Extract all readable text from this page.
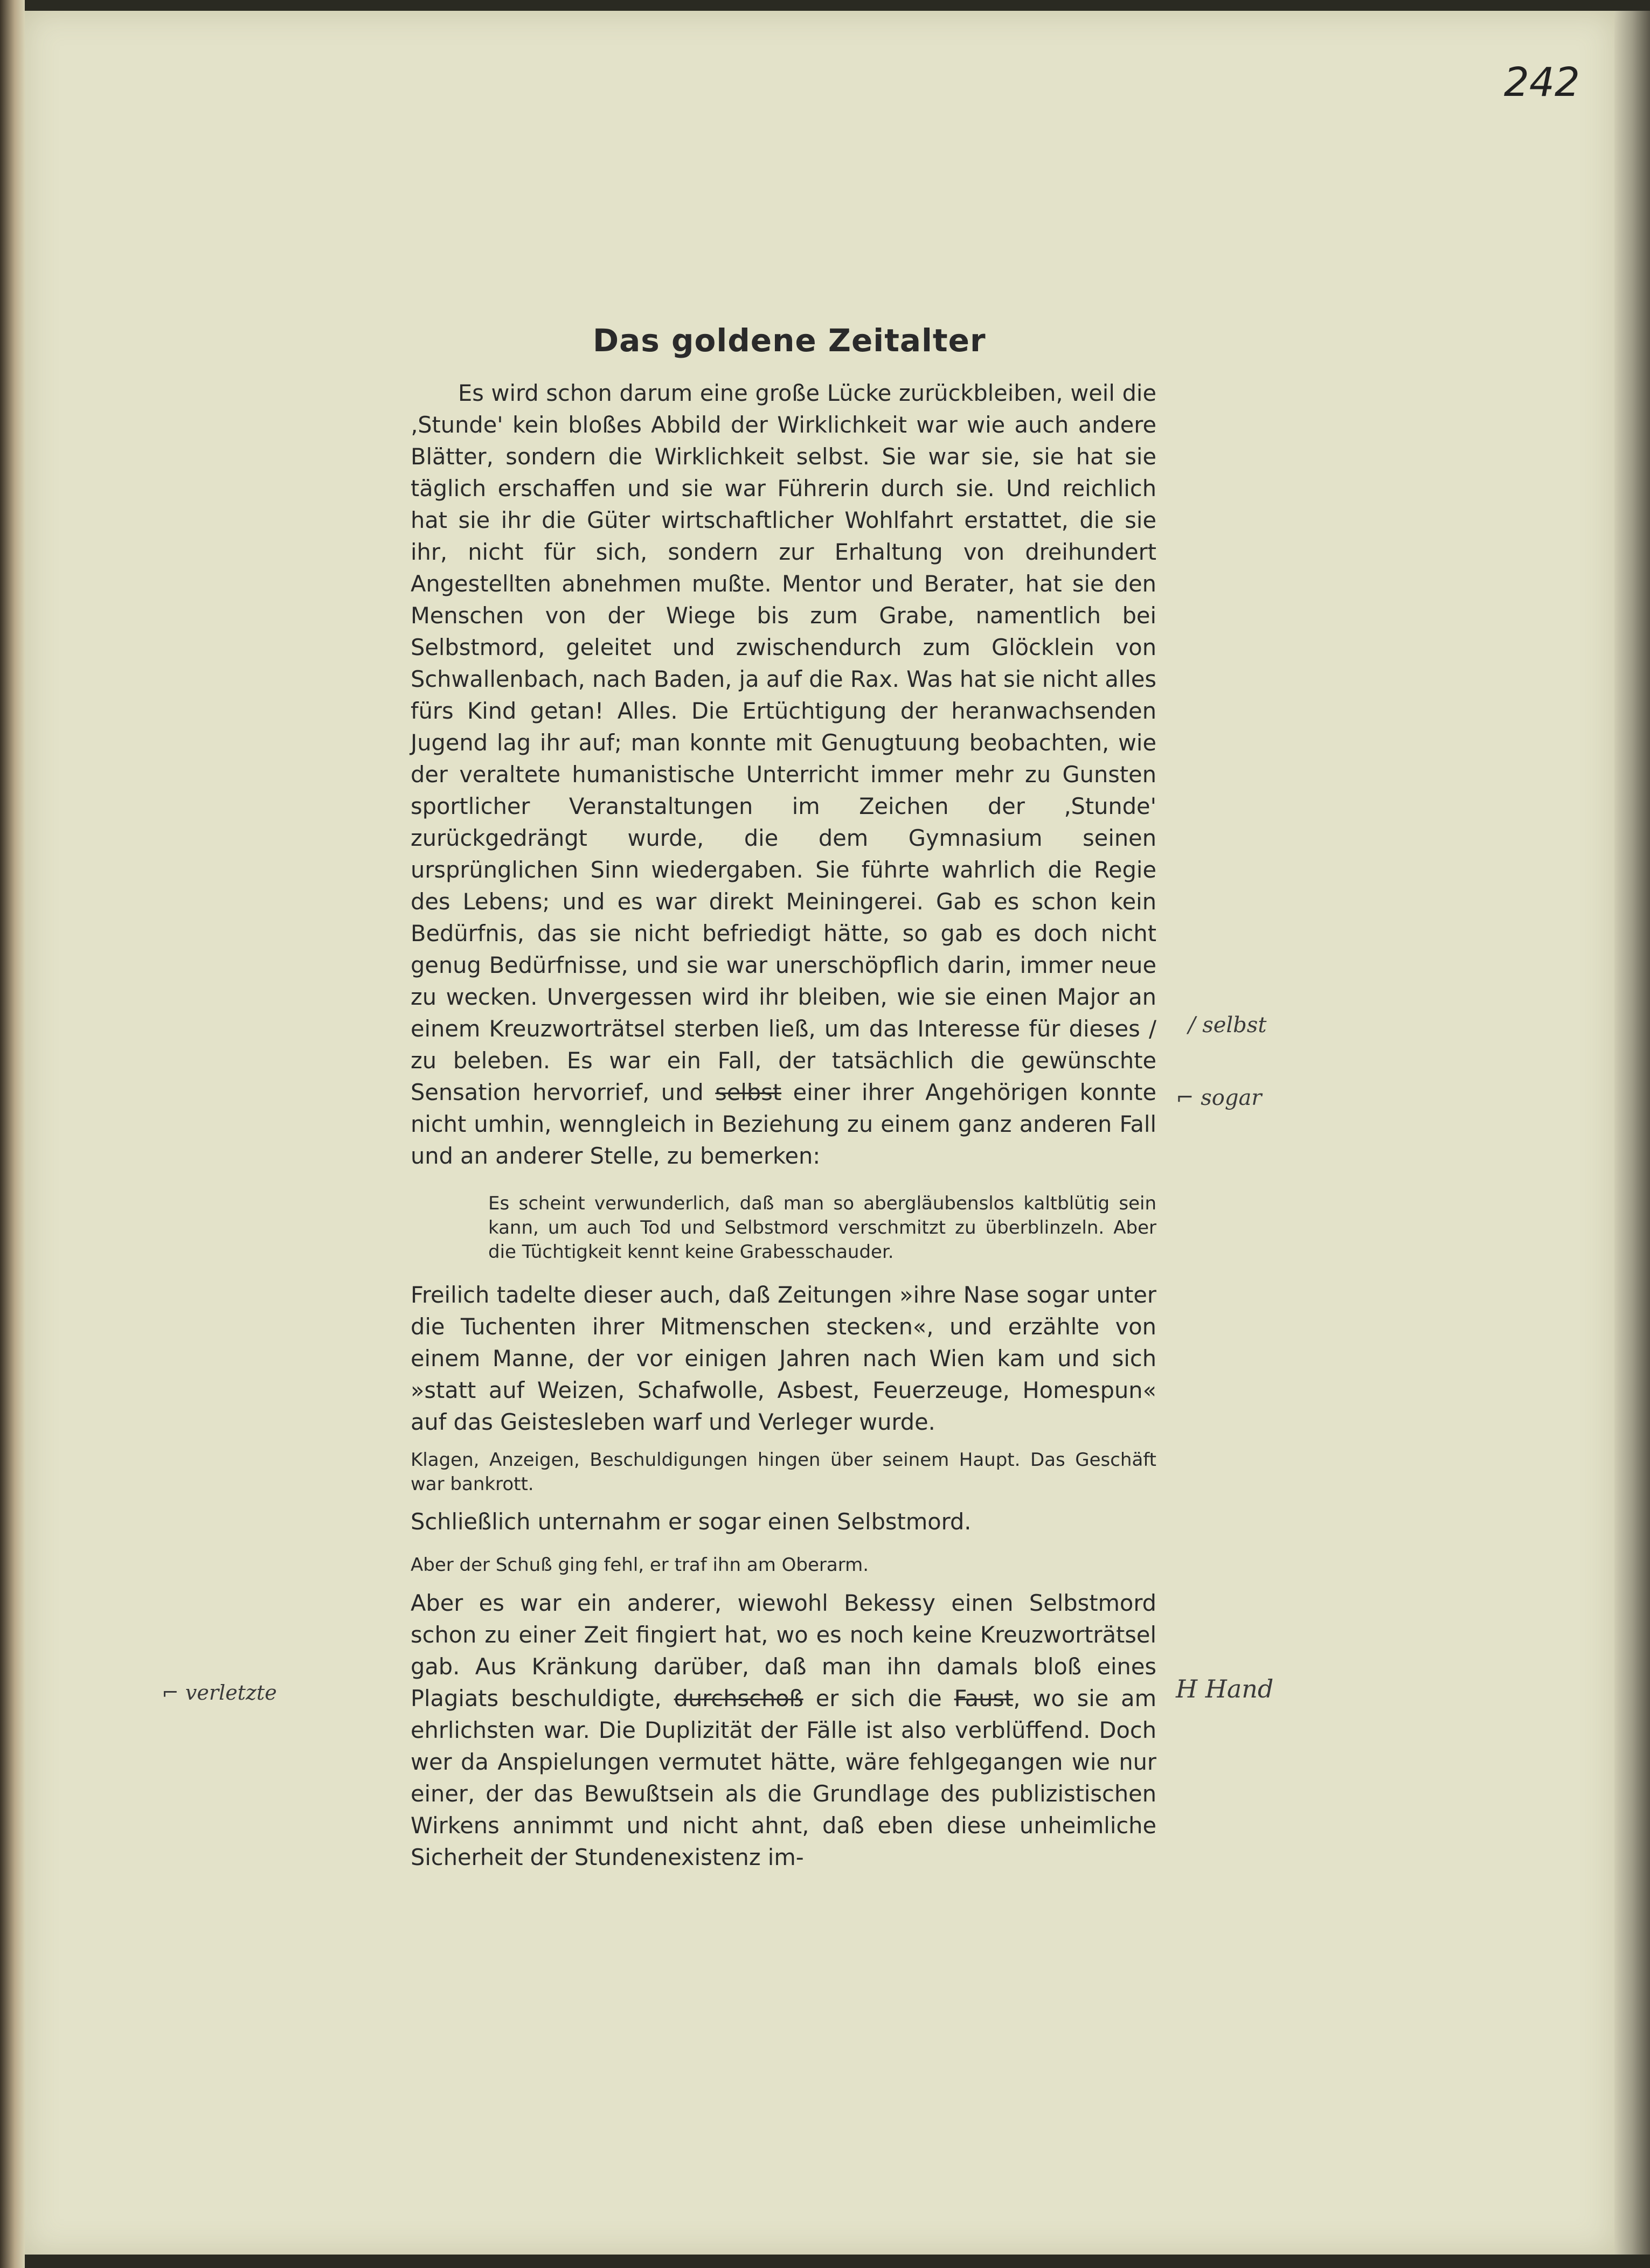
242
Das goldene Zeitalter
Es wird schon darum eine große Lücke zurückbleiben, weil die ‚Stunde' kein bloßes Abbild der Wirklichkeit war wie auch andere Blätter, sondern die Wirklichkeit selbst. Sie war sie, sie hat sie täglich erschaffen und sie war Führerin durch sie. Und reichlich hat sie ihr die Güter wirtschaftlicher Wohlfahrt erstattet, die sie ihr, nicht für sich, sondern zur Erhaltung von dreihundert Angestellten abnehmen mußte. Mentor und Berater, hat sie den Menschen von der Wiege bis zum Grabe, namentlich bei Selbstmord, geleitet und zwischendurch zum Glöcklein von Schwallenbach, nach Baden, ja auf die Rax. Was hat sie nicht alles fürs Kind getan! Alles. Die Ertüchtigung der heranwachsenden Jugend lag ihr auf; man konnte mit Genugtuung beobachten, wie der veraltete humanistische Unterricht immer mehr zu Gunsten sportlicher Veranstaltungen im Zeichen der ‚Stunde' zurückgedrängt wurde, die dem Gymnasium seinen ursprünglichen Sinn wiedergaben. Sie führte wahrlich die Regie des Lebens; und es war direkt Meiningerei. Gab es schon kein Bedürfnis, das sie nicht befriedigt hätte, so gab es doch nicht genug Bedürfnisse, und sie war unerschöpflich darin, immer neue zu wecken. Unvergessen wird ihr bleiben, wie sie einen Major an einem Kreuzworträtsel sterben ließ, um das Interesse für dieses / zu beleben. Es war ein Fall, der tatsächlich die gewünschte Sensation hervorrief, und selbst einer ihrer Angehörigen konnte nicht umhin, wenngleich in Beziehung zu einem ganz anderen Fall und an anderer Stelle, zu bemerken:
Es scheint verwunderlich, daß man so abergläubenslos kaltblütig sein kann, um auch Tod und Selbstmord verschmitzt zu überblinzeln. Aber die Tüchtigkeit kennt keine Grabesschauder.
Freilich tadelte dieser auch, daß Zeitungen »ihre Nase sogar unter die Tuchenten ihrer Mitmenschen stecken«, und erzählte von einem Manne, der vor einigen Jahren nach Wien kam und sich »statt auf Weizen, Schafwolle, Asbest, Feuerzeuge, Homespun« auf das Geistesleben warf und Verleger wurde.
Klagen, Anzeigen, Beschuldigungen hingen über seinem Haupt. Das Geschäft war bankrott.
Schließlich unternahm er sogar einen Selbstmord.
Aber der Schuß ging fehl, er traf ihn am Oberarm.
Aber es war ein anderer, wiewohl Bekessy einen Selbstmord schon zu einer Zeit fingiert hat, wo es noch keine Kreuzworträtsel gab. Aus Kränkung darüber, daß man ihn damals bloß eines Plagiats beschuldigte, durchschoß er sich die Faust, wo sie am ehrlichsten war. Die Duplizität der Fälle ist also verblüffend. Doch wer da Anspielungen vermutet hätte, wäre fehlgegangen wie nur einer, der das Bewußtsein als die Grundlage des publizistischen Wirkens annimmt und nicht ahnt, daß eben diese unheimliche Sicherheit der Stundenexistenz im-
/ selbst
⌐ sogar
⌐ verletzte	H Hand
